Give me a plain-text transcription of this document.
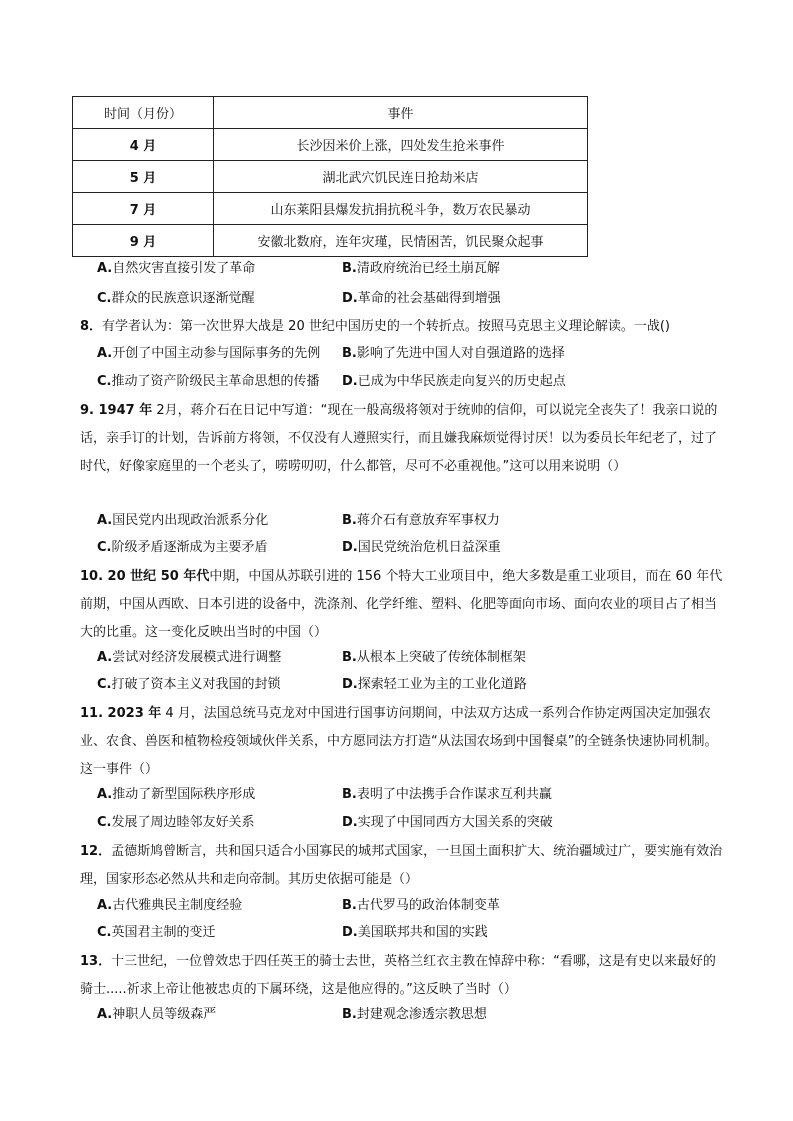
时间（月份）	事件
4 月	长沙因米价上涨，四处发生抢米事件
5 月	湖北武穴饥民连日抢劫米店
7 月	山东莱阳县爆发抗捐抗税斗争，数万农民暴动
9 月	安徽北数府，连年灾瑾，民情困苦，饥民聚众起事
A.自然灾害直接引发了革命	B.清政府统治已经土崩瓦解
C.群众的民族意识逐渐觉醒	D.革命的社会基础得到增强
8．有学者认为：第一次世界大战是 20 世纪中国历史的一个转折点。按照马克思主义理论解读。一战()
A.开创了中国主动参与国际事务的先例 B.影响了先进中国人对自强道路的选择
C.推动了资产阶级民主革命思想的传播 D.已成为中华民族走向复兴的历史起点
9. 1947 年 2月，蒋介石在日记中写道：“现在一般高级将领对于统帅的信仰，可以说完全丧失了！我亲口说的话，亲手订的计划，告诉前方将领，不仅没有人遵照实行，而且嫌我麻烦觉得讨厌！以为委员长年纪老了，过了时代，好像家庭里的一个老头了，唠唠叨叨，什么都管，尽可不必重视他。”这可以用来说明（）
A.国民党内出现政治派系分化	B.蒋介石有意放弃军事权力
C.阶级矛盾逐渐成为主要矛盾	D.国民党统治危机日益深重
10. 20 世纪 50 年代中期，中国从苏联引进的 156 个特大工业项目中，绝大多数是重工业项目，而在 60 年代前期，中国从西欧、日本引进的设备中，洗涤剂、化学纤维、塑料、化肥等面向市场、面向农业的项目占了相当大的比重。这一变化反映出当时的中国（）
A.尝试对经济发展模式进行调整	B.从根本上突破了传统体制框架
C.打破了资本主义对我国的封锁	D.探索轻工业为主的工业化道路
11. 2023 年 4 月，法国总统马克龙对中国进行国事访问期间，中法双方达成一系列合作协定两国决定加强农业、农食、兽医和植物检疫领域伙伴关系，中方愿同法方打造“从法国农场到中国餐桌”的全链条快速协同机制。这一事件（）
A.推动了新型国际秩序形成	B.表明了中法携手合作谋求互利共赢
C.发展了周边睦邻友好关系	D.实现了中国同西方大国关系的突破
12．孟德斯鸠曾断言，共和国只适合小国寡民的城邦式国家，一旦国土面积扩大、统治疆域过广，要实施有效治理，国家形态必然从共和走向帝制。其历史依据可能是（）
A.古代雅典民主制度经验	B.古代罗马的政治体制变革
C.英国君主制的变迁	D.美国联邦共和国的实践
13．十三世纪，一位曾效忠于四任英王的骑士去世，英格兰红衣主教在悼辞中称：“看哪，这是有史以来最好的骑士.....祈求上帝让他被忠贞的下属环绕，这是他应得的。”这反映了当时（）
A.神职人员等级森严	B.封建观念渗透宗教思想
